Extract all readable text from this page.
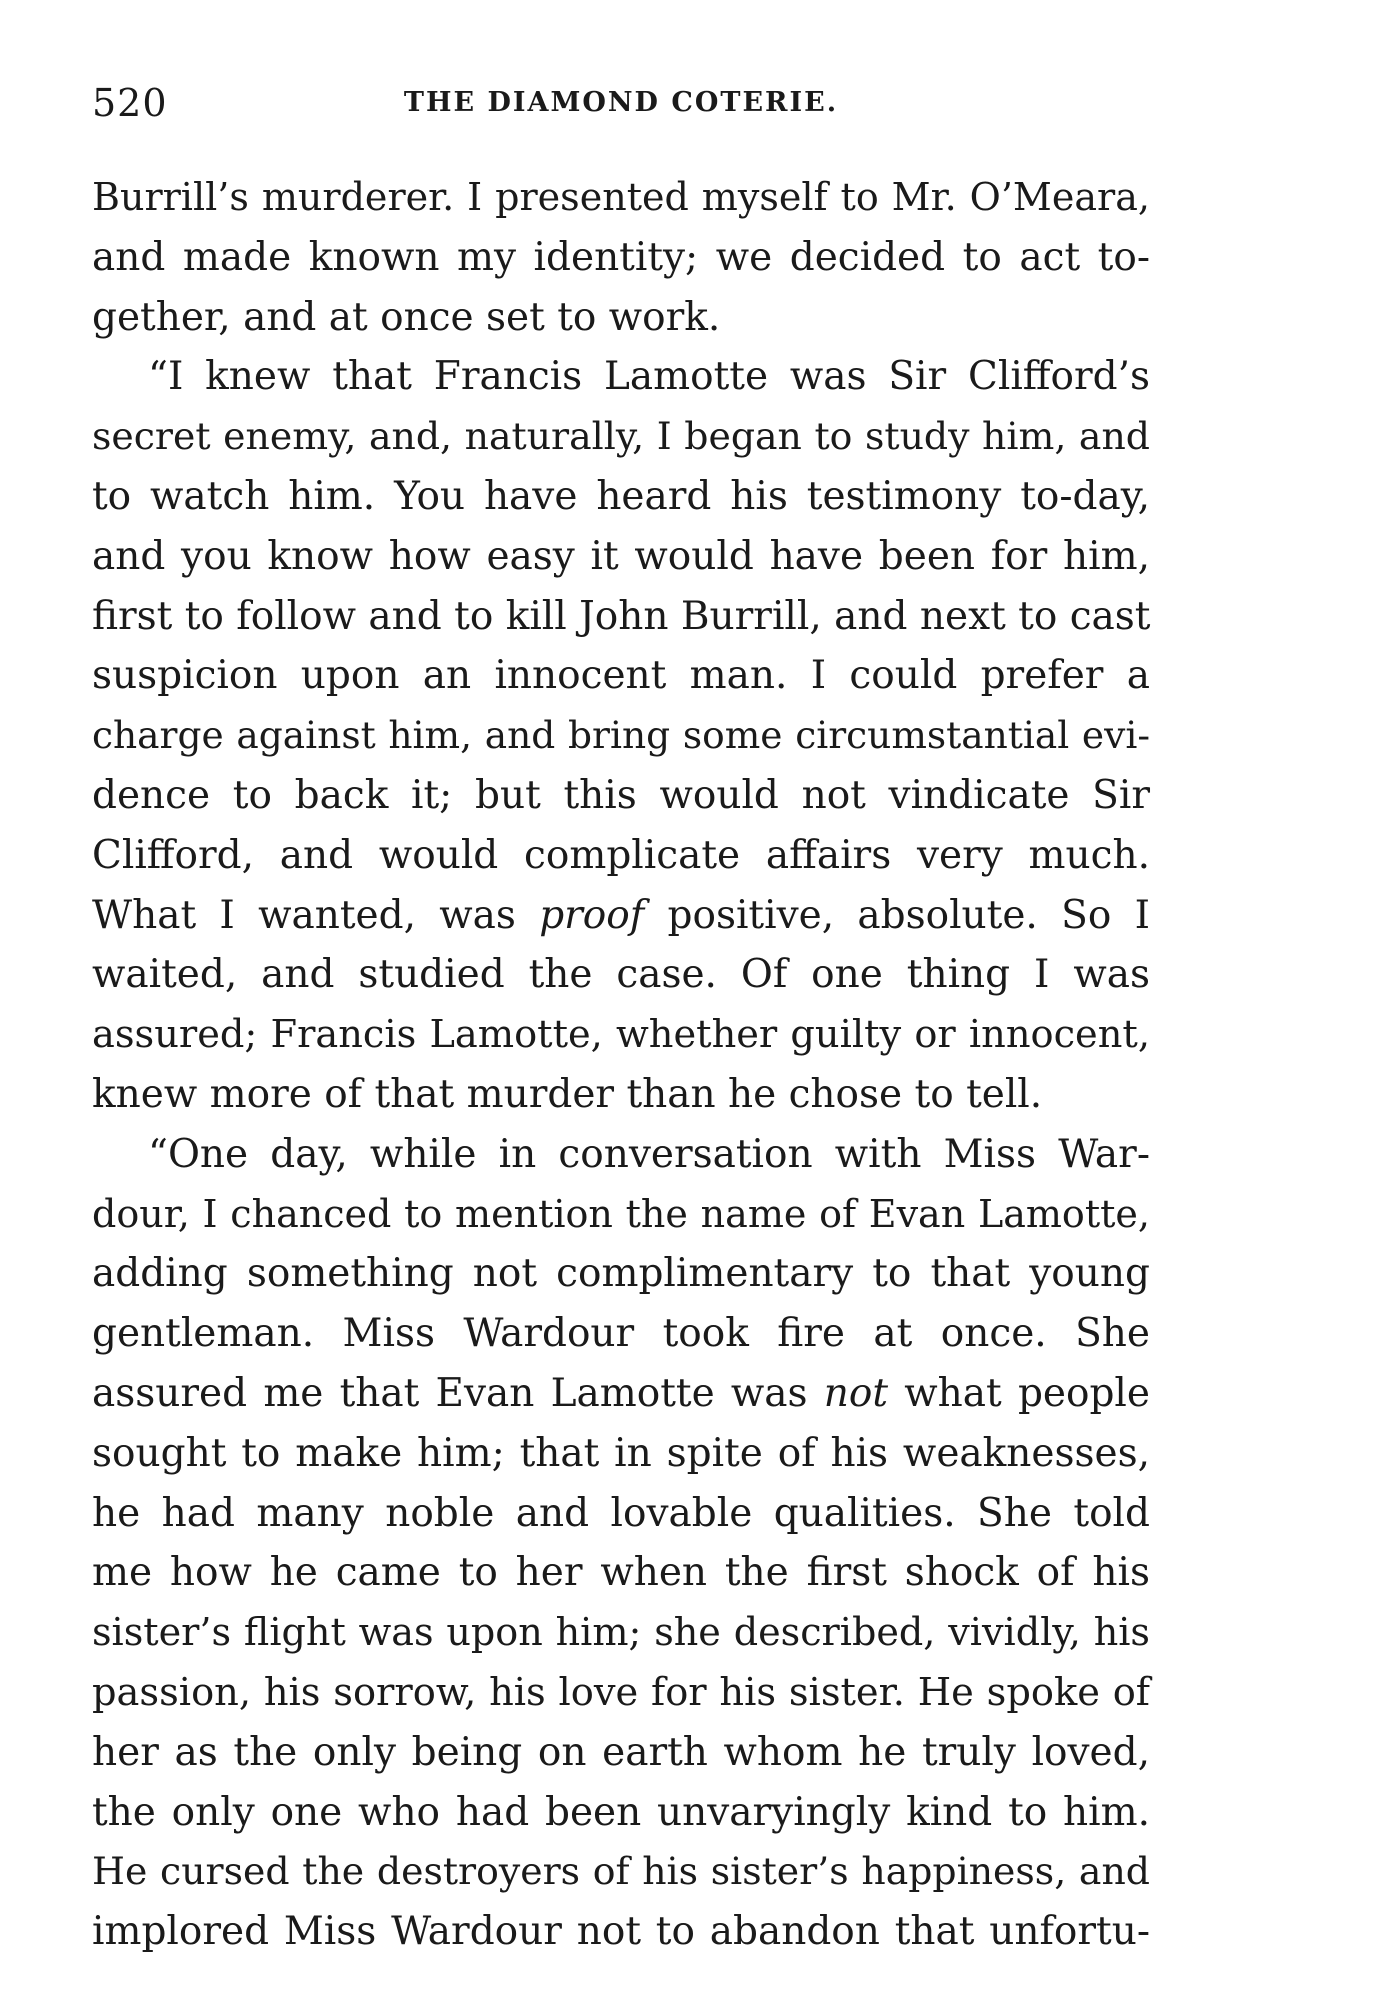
520	THE DIAMOND COTERIE.
Burrill’s murderer. I presented myself to Mr. O’Meara,
and made known my identity; we decided to act to-
gether, and at once set to work.
“I knew that Francis Lamotte was Sir Clifford’s
secret enemy, and, naturally, I began to study him, and
to watch him. You have heard his testimony to-day,
and you know how easy it would have been for him,
first to follow and to kill John Burrill, and next to cast
suspicion upon an innocent man. I could prefer a
charge against him, and bring some circumstantial evi-
dence to back it; but this would not vindicate Sir
Clifford, and would complicate affairs very much.
What I wanted, was proof positive, absolute. So I
waited, and studied the case. Of one thing I was
assured; Francis Lamotte, whether guilty or innocent,
knew more of that murder than he chose to tell.
“One day, while in conversation with Miss War-
dour, I chanced to mention the name of Evan Lamotte,
adding something not complimentary to that young
gentleman. Miss Wardour took fire at once. She
assured me that Evan Lamotte was not what people
sought to make him; that in spite of his weaknesses,
he had many noble and lovable qualities. She told
me how he came to her when the first shock of his
sister’s flight was upon him; she described, vividly, his
passion, his sorrow, his love for his sister. He spoke of
her as the only being on earth whom he truly loved,
the only one who had been unvaryingly kind to him.
He cursed the destroyers of his sister’s happiness, and
implored Miss Wardour not to abandon that unfortu-
